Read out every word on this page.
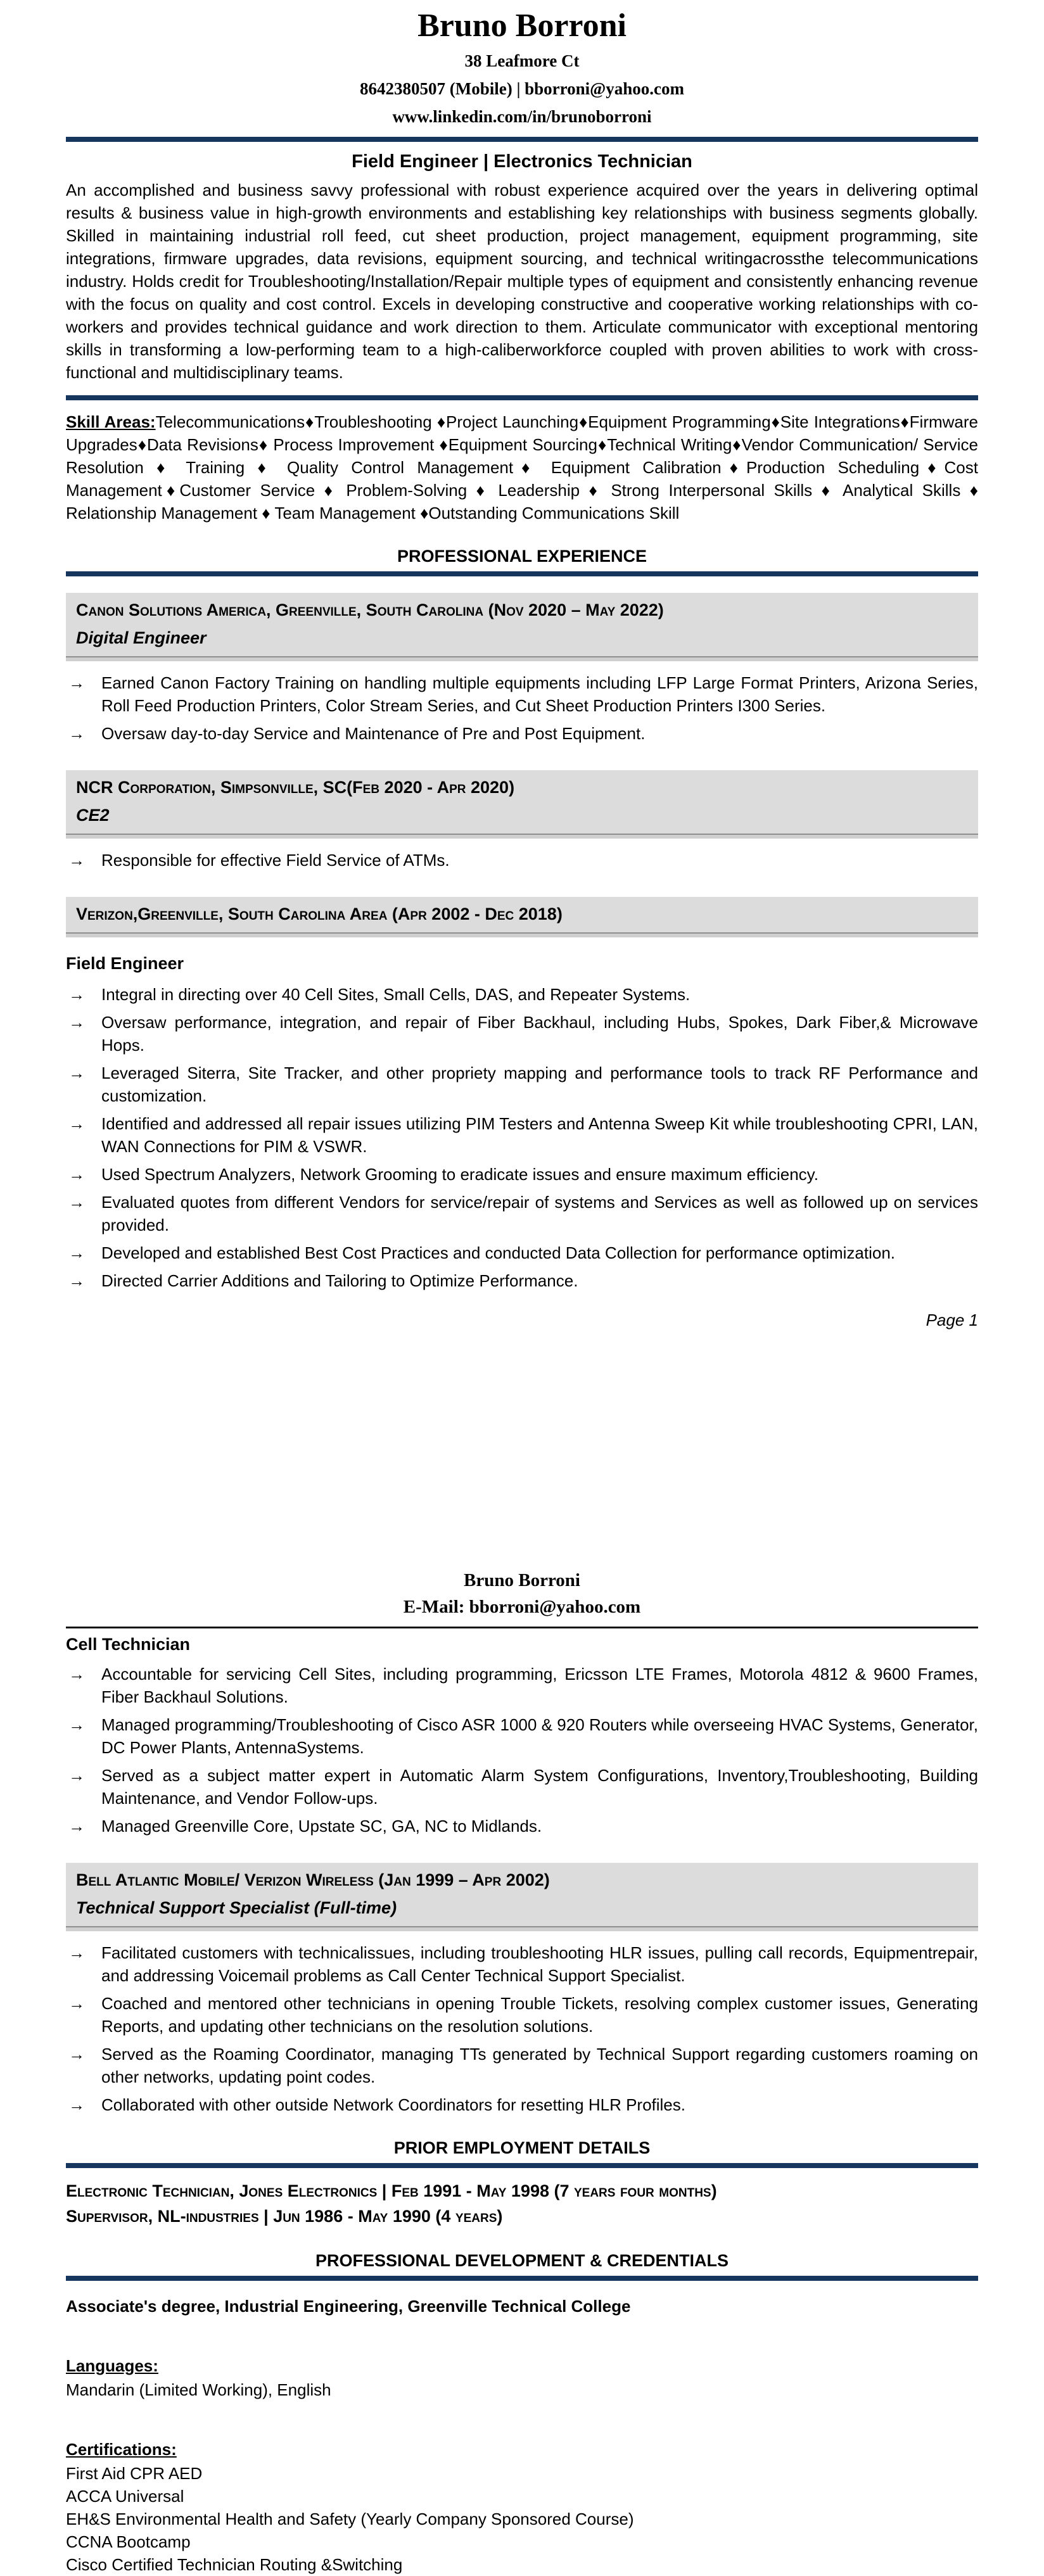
Bruno Borroni
38 Leafmore Ct
8642380507 (Mobile) | bborroni@yahoo.com
www.linkedin.com/in/brunoborroni
Field Engineer | Electronics Technician

An accomplished and business savvy professional with robust experience acquired over the years in delivering optimal results & business value in high-growth environments and establishing key relationships with business segments globally. Skilled in maintaining industrial roll feed, cut sheet production, project management, equipment programming, site integrations, firmware upgrades, data revisions, equipment sourcing, and technical writingacrossthe telecommunications industry. Holds credit for Troubleshooting/Installation/Repair multiple types of equipment and consistently enhancing revenue with the focus on quality and cost control. Excels in developing constructive and cooperative working relationships with co-workers and provides technical guidance and work direction to them. Articulate communicator with exceptional mentoring skills in transforming a low-performing team to a high-caliberworkforce coupled with proven abilities to work with cross-functional and multidisciplinary teams.

Skill Areas:Telecommunications♦Troubleshooting ♦Project Launching♦Equipment Programming♦Site Integrations♦Firmware Upgrades♦Data Revisions♦ Process Improvement ♦Equipment Sourcing♦Technical Writing♦Vendor Communication/ Service Resolution ♦ Training ♦ Quality Control Management♦ Equipment Calibration♦Production Scheduling♦Cost Management♦Customer Service ♦ Problem-Solving ♦ Leadership ♦ Strong Interpersonal Skills ♦ Analytical Skills ♦ Relationship Management ♦ Team Management ♦Outstanding Communications Skill

PROFESSIONAL EXPERIENCE
Canon Solutions America, Greenville, South Carolina (Nov 2020 – May 2022)
Digital Engineer
→	Earned Canon Factory Training on handling multiple equipments including LFP Large Format Printers, Arizona Series, Roll Feed Production Printers, Color Stream Series, and Cut Sheet Production Printers I300 Series.
→	Oversaw day-to-day Service and Maintenance of Pre and Post Equipment.
NCR Corporation, Simpsonville, SC(Feb 2020 - Apr 2020)
CE2
→	Responsible for effective Field Service of ATMs.
Verizon,Greenville, South Carolina Area (Apr 2002 - Dec 2018)
Field Engineer
→	Integral in directing over 40 Cell Sites, Small Cells, DAS, and Repeater Systems.
→	Oversaw performance, integration, and repair of Fiber Backhaul, including Hubs, Spokes, Dark Fiber,& Microwave Hops.
→	Leveraged Siterra, Site Tracker, and other propriety mapping and performance tools to track RF Performance and customization.
→	Identified and addressed all repair issues utilizing PIM Testers and Antenna Sweep Kit while troubleshooting CPRI, LAN, WAN Connections for PIM & VSWR.
→	Used Spectrum Analyzers, Network Grooming to eradicate issues and ensure maximum efficiency.
→	Evaluated quotes from different Vendors for service/repair of systems and Services as well as followed up on services provided.
→	Developed and established Best Cost Practices and conducted Data Collection for performance optimization.
→	Directed Carrier Additions and Tailoring to Optimize Performance.
Page 1
Bruno Borroni
E-Mail: bborroni@yahoo.com
Cell Technician
→	Accountable for servicing Cell Sites, including programming, Ericsson LTE Frames, Motorola 4812 & 9600 Frames, Fiber Backhaul Solutions.
→	Managed programming/Troubleshooting of Cisco ASR 1000 & 920 Routers while overseeing HVAC Systems, Generator, DC Power Plants, AntennaSystems.
→	Served as a subject matter expert in Automatic Alarm System Configurations, Inventory,Troubleshooting, Building Maintenance, and Vendor Follow-ups.
→	Managed Greenville Core, Upstate SC, GA, NC to Midlands.
Bell Atlantic Mobile/ Verizon Wireless (Jan 1999 – Apr 2002)
Technical Support Specialist (Full-time)
→	Facilitated customers with technicalissues, including troubleshooting HLR issues, pulling call records, Equipmentrepair, and addressing Voicemail problems as Call Center Technical Support Specialist.
→	Coached and mentored other technicians in opening Trouble Tickets, resolving complex customer issues, Generating Reports, and updating other technicians on the resolution solutions.
→	Served as the Roaming Coordinator, managing TTs generated by Technical Support regarding customers roaming on other networks, updating point codes.
→	Collaborated with other outside Network Coordinators for resetting HLR Profiles.
PRIOR EMPLOYMENT DETAILS
Electronic Technician, Jones Electronics | Feb 1991 - May 1998 (7 years four months)
Supervisor, NL-industries | Jun 1986 - May 1990 (4 years)
PROFESSIONAL DEVELOPMENT & CREDENTIALS
Associate's degree, Industrial Engineering, Greenville Technical College
Languages:
Mandarin (Limited Working), English
Certifications:
First Aid CPR AED
ACCA Universal
EH&S Environmental Health and Safety (Yearly Company Sponsored Course)
CCNA Bootcamp
Cisco Certified Technician Routing &Switching
